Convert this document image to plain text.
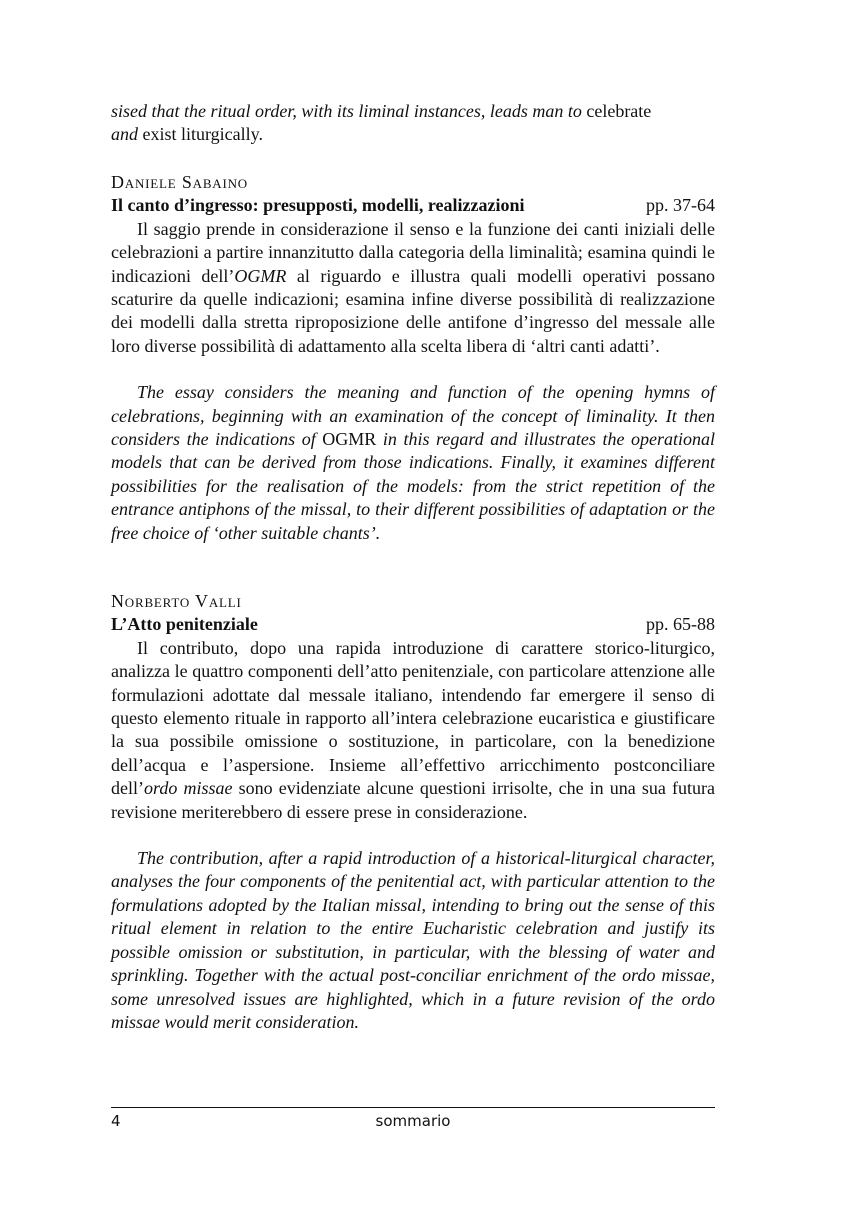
sised that the ritual order, with its liminal instances, leads man to celebrate
and exist liturgically.
Daniele Sabaino
Il canto d’ingresso: presupposti, modelli, realizzazioni	pp. 37-64
Il saggio prende in considerazione il senso e la funzione dei canti iniziali delle celebrazioni a partire innanzitutto dalla categoria della liminalità; esamina quindi le indicazioni dell’OGMR al riguardo e illustra quali modelli operativi possano scaturire da quelle indicazioni; esamina infine diverse possibilità di realizzazione dei modelli dalla stretta riproposizione delle antifone d’ingresso del messale alle loro diverse possibilità di adattamento alla scelta libera di ‘altri canti adatti’.
The essay considers the meaning and function of the opening hymns of celebrations, beginning with an examination of the concept of liminality. It then considers the indications of OGMR in this regard and illustrates the operational models that can be derived from those indications. Finally, it examines different possibilities for the realisation of the models: from the strict repetition of the entrance antiphons of the missal, to their different possibilities of adaptation or the free choice of ‘other suitable chants’.
Norberto Valli
L’Atto penitenziale	pp. 65-88
Il contributo, dopo una rapida introduzione di carattere storico-liturgico, analizza le quattro componenti dell’atto penitenziale, con particolare attenzione alle formulazioni adottate dal messale italiano, intendendo far emergere il senso di questo elemento rituale in rapporto all’intera celebrazione eucaristica e giustificare la sua possibile omissione o sostituzione, in particolare, con la benedizione dell’acqua e l’aspersione. Insieme all’effettivo arricchimento postconciliare dell’ordo missae sono evidenziate alcune questioni irrisolte, che in una sua futura revisione meriterebbero di essere prese in considerazione.
The contribution, after a rapid introduction of a historical-liturgical character, analyses the four components of the penitential act, with particular attention to the formulations adopted by the Italian missal, intending to bring out the sense of this ritual element in relation to the entire Eucharistic celebration and justify its possible omission or substitution, in particular, with the blessing of water and sprinkling. Together with the actual post-conciliar enrichment of the ordo missae, some unresolved issues are highlighted, which in a future revision of the ordo missae would merit consideration.
4	sommario
